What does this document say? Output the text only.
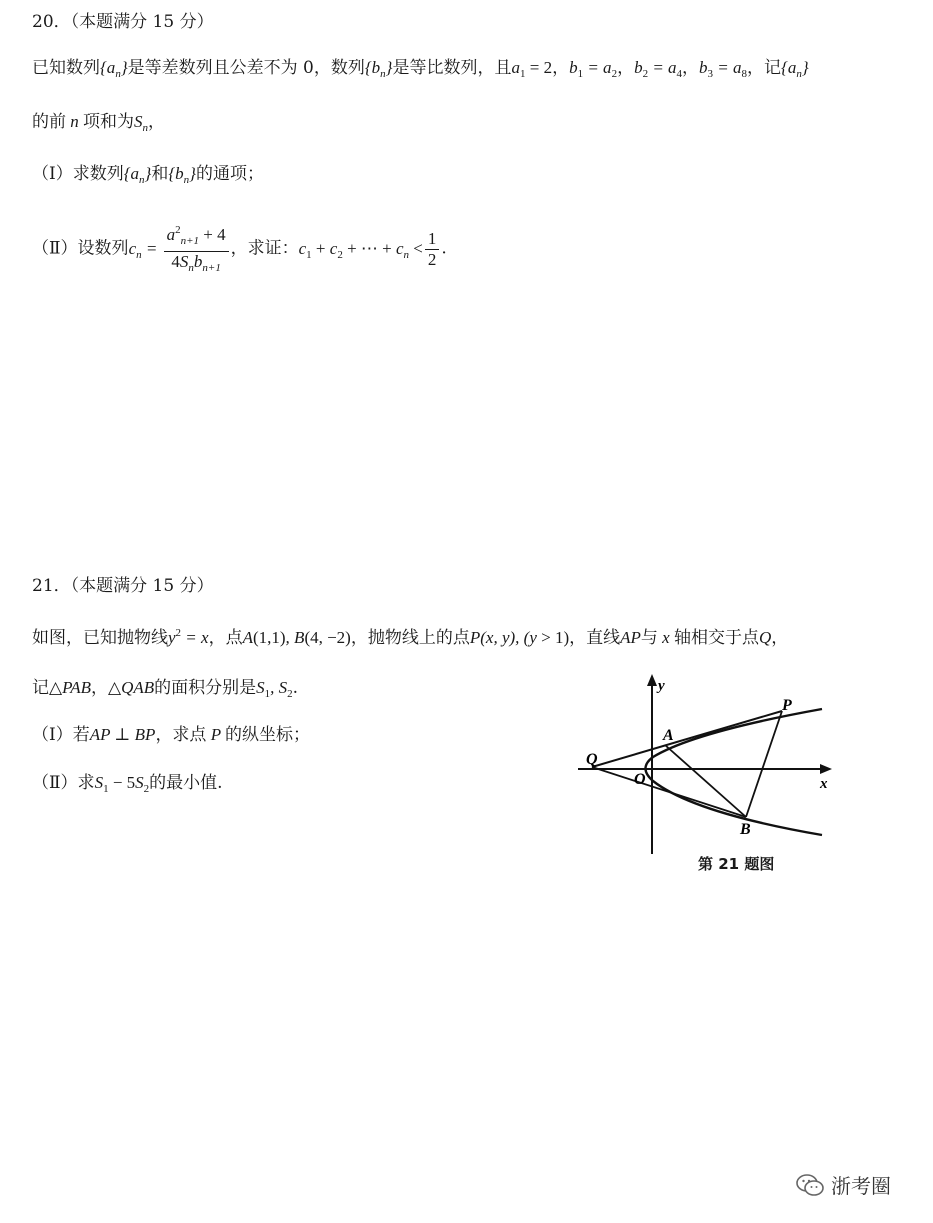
20．（本题满分 15 分）
已知数列$\{a_n\}$是等差数列且公差不为 0，数列$\{b_n\}$是等比数列，且$a_1 = 2$，$b_1 = a_2$，$b_2 = a_4$，$b_3 = a_8$，记$\{a_n\}$
的前 n 项和为$S_n$，
（Ⅰ）求数列$\{a_n\}$和$\{b_n\}$的通项；
（Ⅱ）设数列$c_n = \frac{a^2_{n+1} + 4}{4S_nb_{n+1}}$ ，求证：$c_1 + c_2$ + ⋯ + $c_n < \frac{1}{2}$ .
21．（本题满分 15 分）
如图，已知抛物线$y^2 = x$，点A(1,1), B(4, −2)，抛物线上的点P(x, y), (y > 1)，直线AP与 x 轴相交于点Q，
记△PAB，△QAB的面积分别是$S_1$, $S_2$.
（Ⅰ）若AP ⊥ BP，求点 P 的纵坐标；
（Ⅱ）求$S_1 - 5S_2$的最小值.
y
x
O
Q
A
B
P
第 21 题图
浙考圈
